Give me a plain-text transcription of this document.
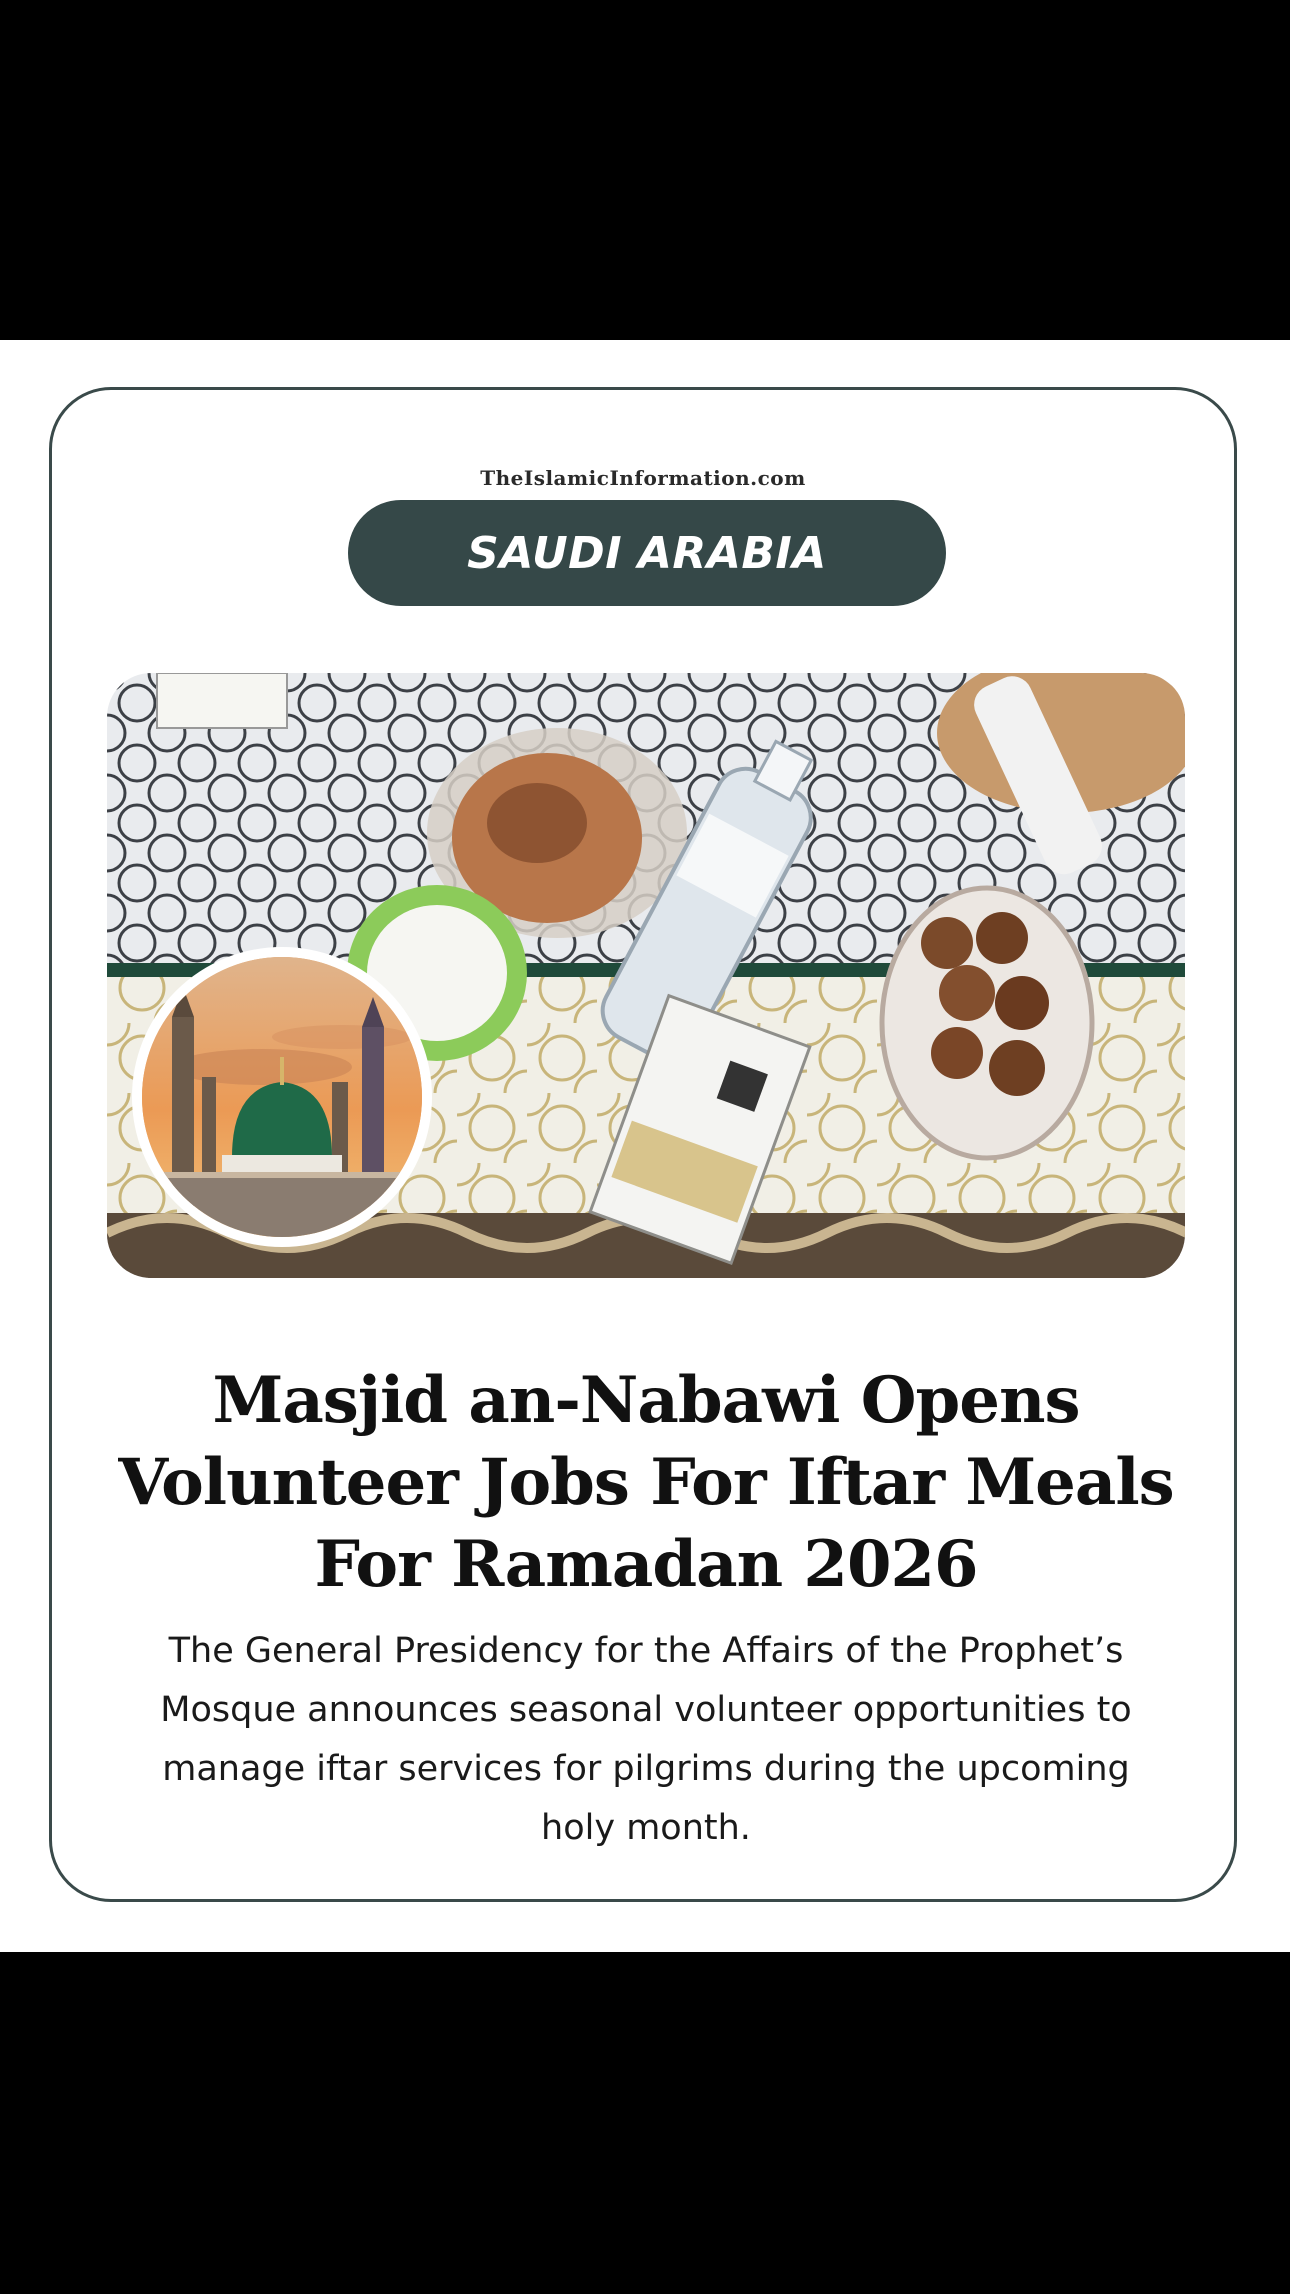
TheIslamicInformation.com
SAUDI ARABIA
Masjid an-Nabawi Opens Volunteer Jobs For Iftar Meals For Ramadan 2026
The General Presidency for the Affairs of the Prophet’s Mosque announces seasonal volunteer opportunities to manage iftar services for pilgrims during the upcoming holy month.
